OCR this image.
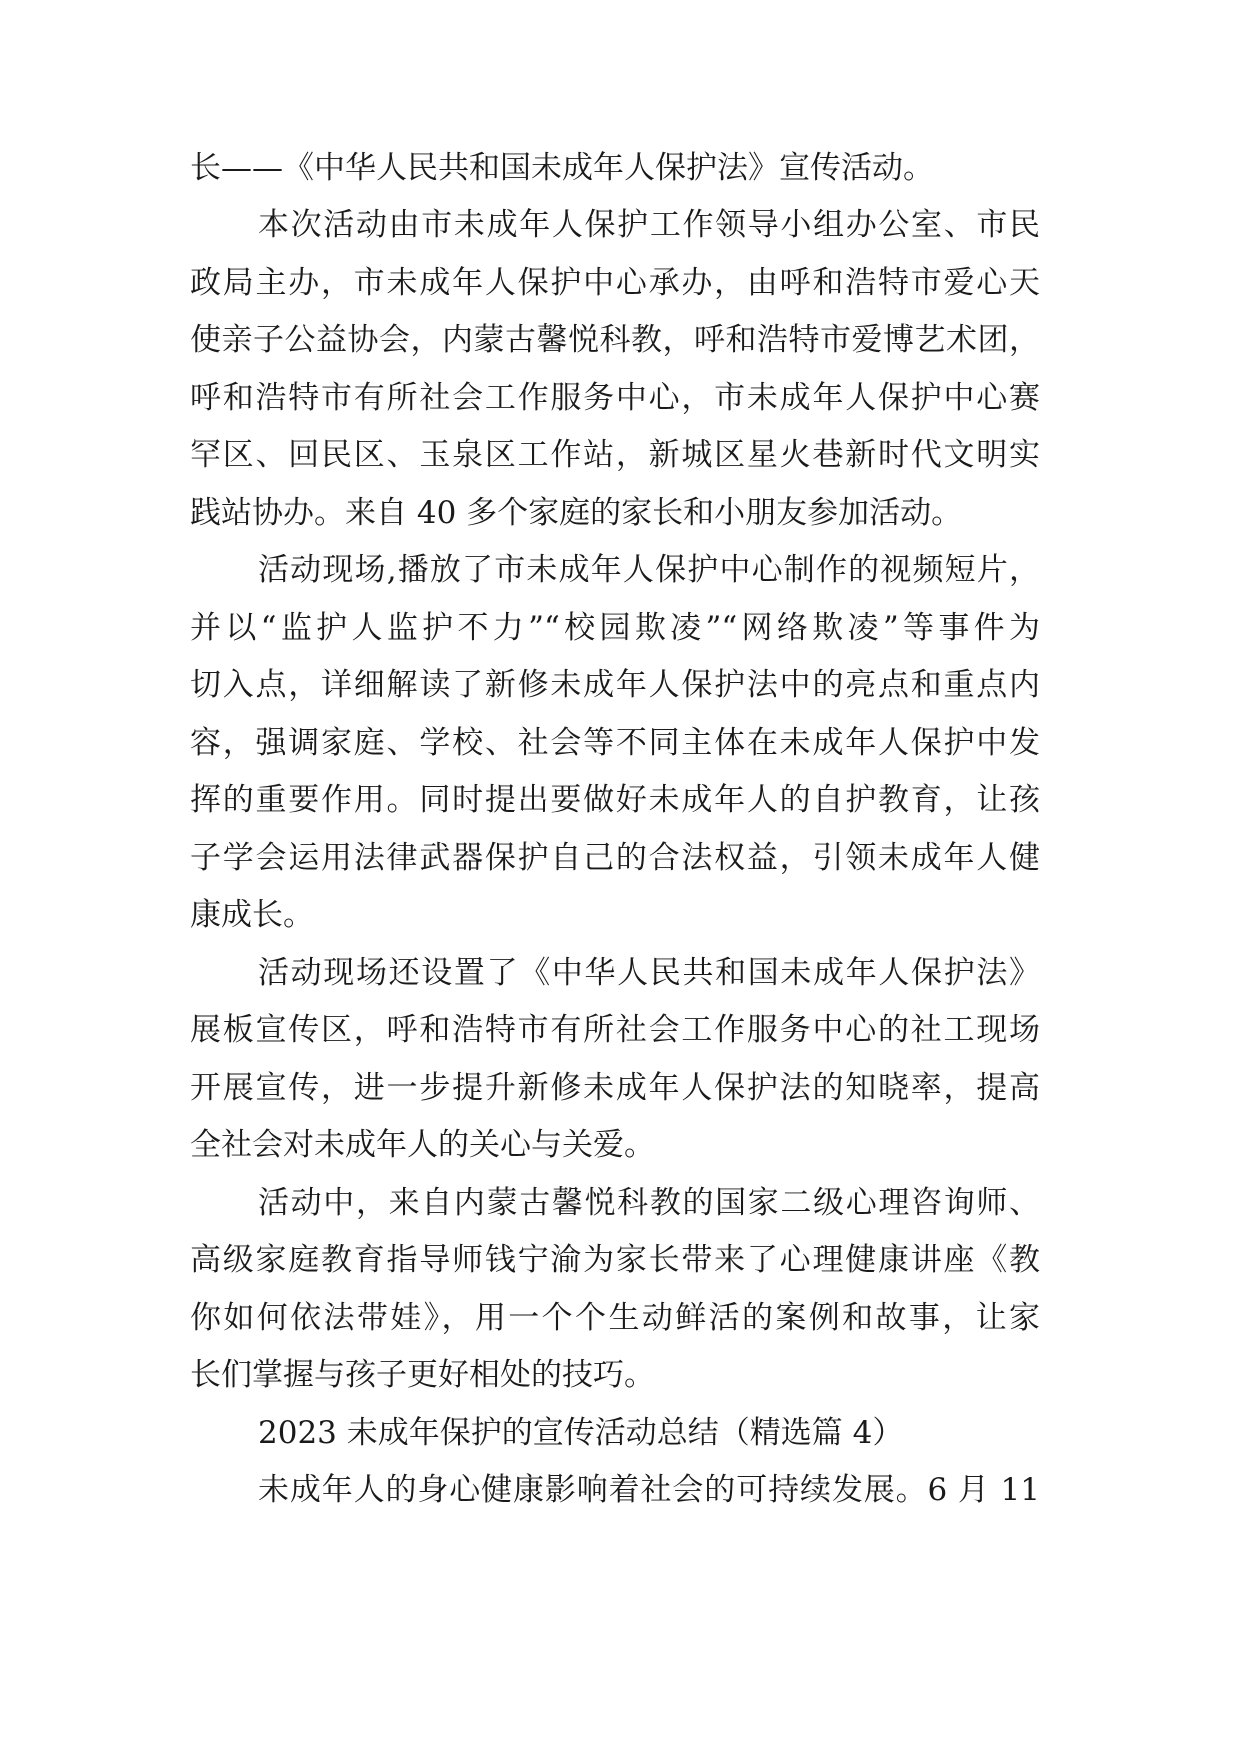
长——《中华人民共和国未成年人保护法》宣传活动。
本次活动由市未成年人保护工作领导小组办公室、市民
政局主办，市未成年人保护中心承办，由呼和浩特市爱心天
使亲子公益协会，内蒙古馨悦科教，呼和浩特市爱博艺术团，
呼和浩特市有所社会工作服务中心，市未成年人保护中心赛
罕区、回民区、玉泉区工作站，新城区星火巷新时代文明实
践站协办。来自 40 多个家庭的家长和小朋友参加活动。
活动现场,播放了市未成年人保护中心制作的视频短片，
并以“监护人监护不力”“校园欺凌”“网络欺凌”等事件为
切入点，详细解读了新修未成年人保护法中的亮点和重点内
容，强调家庭、学校、社会等不同主体在未成年人保护中发
挥的重要作用。同时提出要做好未成年人的自护教育，让孩
子学会运用法律武器保护自己的合法权益，引领未成年人健
康成长。
活动现场还设置了《中华人民共和国未成年人保护法》
展板宣传区，呼和浩特市有所社会工作服务中心的社工现场
开展宣传，进一步提升新修未成年人保护法的知晓率，提高
全社会对未成年人的关心与关爱。
活动中，来自内蒙古馨悦科教的国家二级心理咨询师、
高级家庭教育指导师钱宁渝为家长带来了心理健康讲座《教
你如何依法带娃》，用一个个生动鲜活的案例和故事，让家
长们掌握与孩子更好相处的技巧。
2023 未成年保护的宣传活动总结（精选篇 4）
未成年人的身心健康影响着社会的可持续发展。6 月 11
